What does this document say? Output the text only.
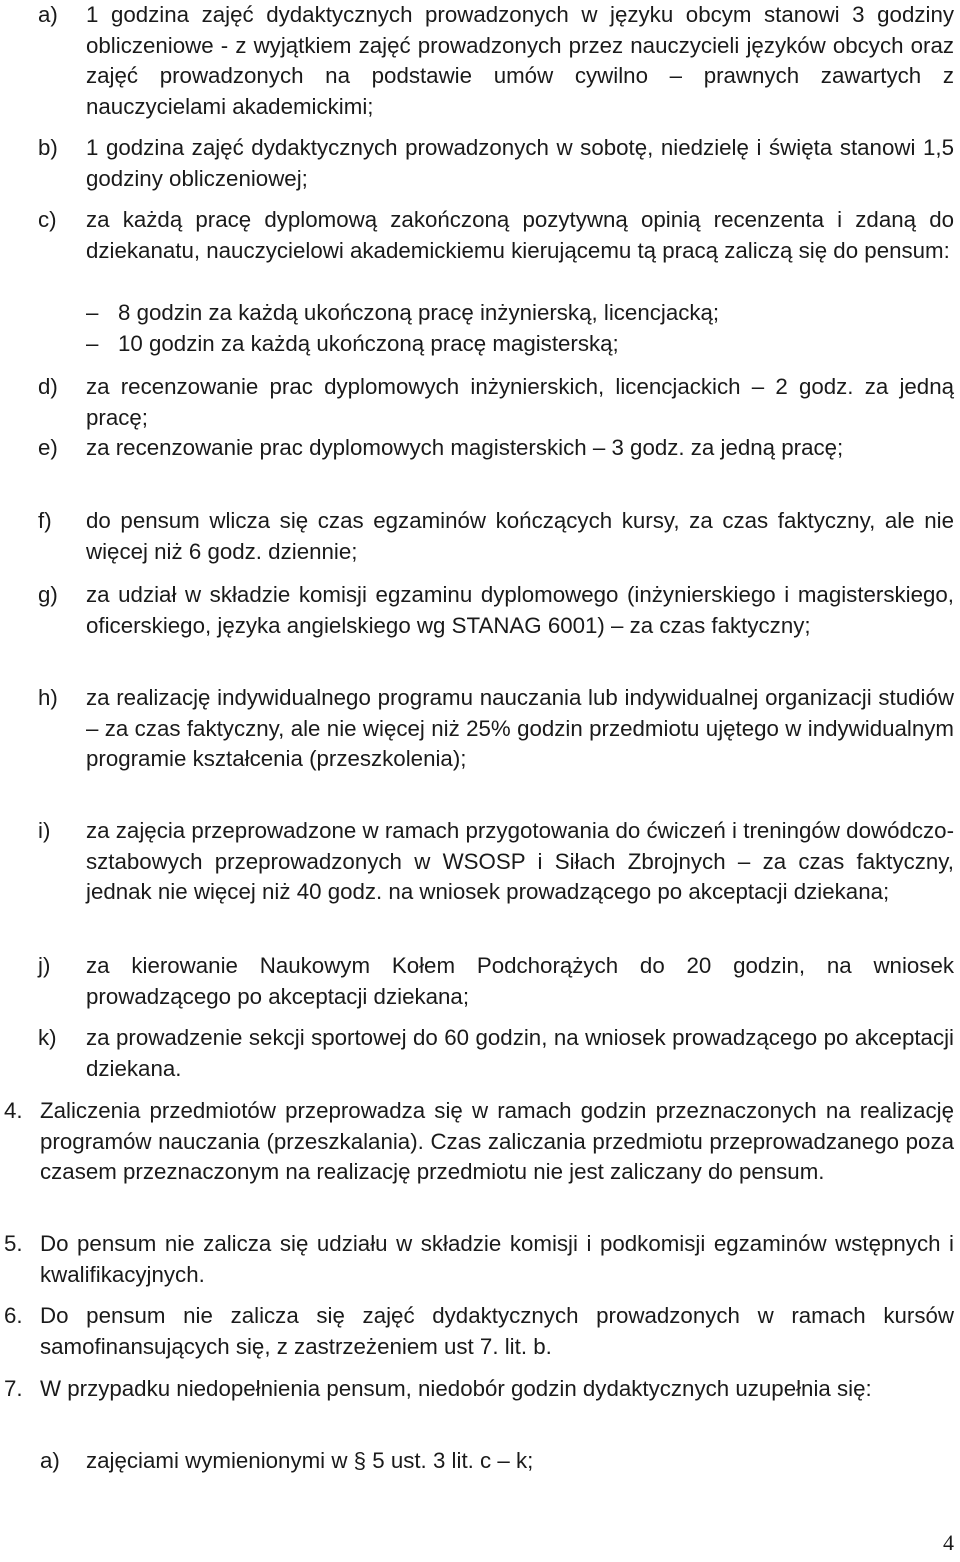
a) 1 godzina zajęć dydaktycznych prowadzonych w języku obcym stanowi 3 godziny obliczeniowe - z wyjątkiem zajęć prowadzonych przez nauczycieli języków obcych oraz zajęć prowadzonych na podstawie umów cywilno – prawnych zawartych z nauczycielami akademickimi;
b) 1 godzina zajęć dydaktycznych prowadzonych w sobotę, niedzielę i święta stanowi 1,5 godziny obliczeniowej;
c) za każdą pracę dyplomową zakończoną pozytywną opinią recenzenta i zdaną do dziekanatu, nauczycielowi akademickiemu kierującemu tą pracą zaliczą się do pensum:
– 8 godzin za każdą ukończoną pracę inżynierską, licencjacką;
– 10 godzin za każdą ukończoną pracę magisterską;
d) za recenzowanie prac dyplomowych inżynierskich, licencjackich – 2 godz. za jedną pracę;
e) za recenzowanie prac dyplomowych magisterskich – 3 godz. za jedną pracę;
f) do pensum wlicza się czas egzaminów kończących kursy, za czas faktyczny, ale nie więcej niż 6 godz. dziennie;
g) za udział w składzie komisji egzaminu dyplomowego (inżynierskiego i magisterskiego, oficerskiego, języka angielskiego wg STANAG 6001) – za czas faktyczny;
h) za realizację indywidualnego programu nauczania lub indywidualnej organizacji studiów – za czas faktyczny, ale nie więcej niż 25% godzin przedmiotu ujętego w indywidualnym programie kształcenia (przeszkolenia);
i) za zajęcia przeprowadzone w ramach przygotowania do ćwiczeń i treningów dowódczo-sztabowych przeprowadzonych w WSOSP i Siłach Zbrojnych – za czas faktyczny, jednak nie więcej niż 40 godz. na wniosek prowadzącego po akceptacji dziekana;
j) za kierowanie Naukowym Kołem Podchorążych do 20 godzin, na wniosek prowadzącego po akceptacji dziekana;
k) za prowadzenie sekcji sportowej do 60 godzin, na wniosek prowadzącego po akceptacji dziekana.
4. Zaliczenia przedmiotów przeprowadza się w ramach godzin przeznaczonych na realizację programów nauczania (przeszkalania). Czas zaliczania przedmiotu przeprowadzanego poza czasem przeznaczonym na realizację przedmiotu nie jest zaliczany do pensum.
5. Do pensum nie zalicza się udziału w składzie komisji i podkomisji egzaminów wstępnych i kwalifikacyjnych.
6. Do pensum nie zalicza się zajęć dydaktycznych prowadzonych w ramach kursów samofinansujących się, z zastrzeżeniem ust 7. lit. b.
7. W przypadku niedopełnienia pensum, niedobór godzin dydaktycznych uzupełnia się:
a) zajęciami wymienionymi w § 5 ust. 3 lit. c – k;
4
